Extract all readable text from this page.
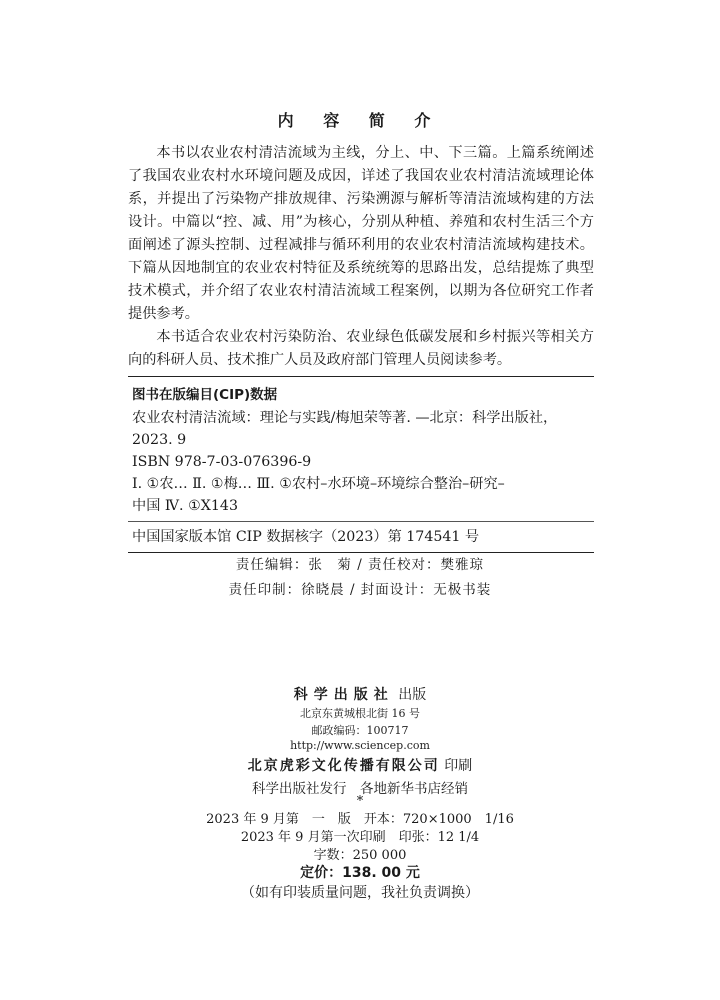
内 容 简 介

本书以农业农村清洁流域为主线，分上、中、下三篇。上篇系统阐述了我国农业农村水环境问题及成因，详述了我国农业农村清洁流域理论体系，并提出了污染物产排放规律、污染溯源与解析等清洁流域构建的方法设计。中篇以“控、减、用”为核心，分别从种植、养殖和农村生活三个方面阐述了源头控制、过程减排与循环利用的农业农村清洁流域构建技术。下篇从因地制宜的农业农村特征及系统统筹的思路出发，总结提炼了典型技术模式，并介绍了农业农村清洁流域工程案例，以期为各位研究工作者提供参考。

本书适合农业农村污染防治、农业绿色低碳发展和乡村振兴等相关方向的科研人员、技术推广人员及政府部门管理人员阅读参考。

图书在版编目(CIP)数据
农业农村清洁流域：理论与实践/梅旭荣等著. —北京：科学出版社，
2023. 9
ISBN 978-7-03-076396-9
Ⅰ. ①农… Ⅱ. ①梅… Ⅲ. ①农村–水环境–环境综合整治–研究–
中国 Ⅳ. ①X143
中国国家版本馆 CIP 数据核字（2023）第 174541 号
责任编辑：张　菊 / 责任校对：樊雅琼
责任印制：徐晓晨 / 封面设计：无极书装
科学出版社 出版
北京东黄城根北街 16 号
邮政编码：100717
http://www.sciencep.com
北京虎彩文化传播有限公司 印刷
科学出版社发行　各地新华书店经销
*
2023 年 9 月第　一　版　开本：720×1000　1/16
2023 年 9 月第一次印刷　印张：12 1/4
字数：250 000
定价：138. 00 元
（如有印装质量问题，我社负责调换）
